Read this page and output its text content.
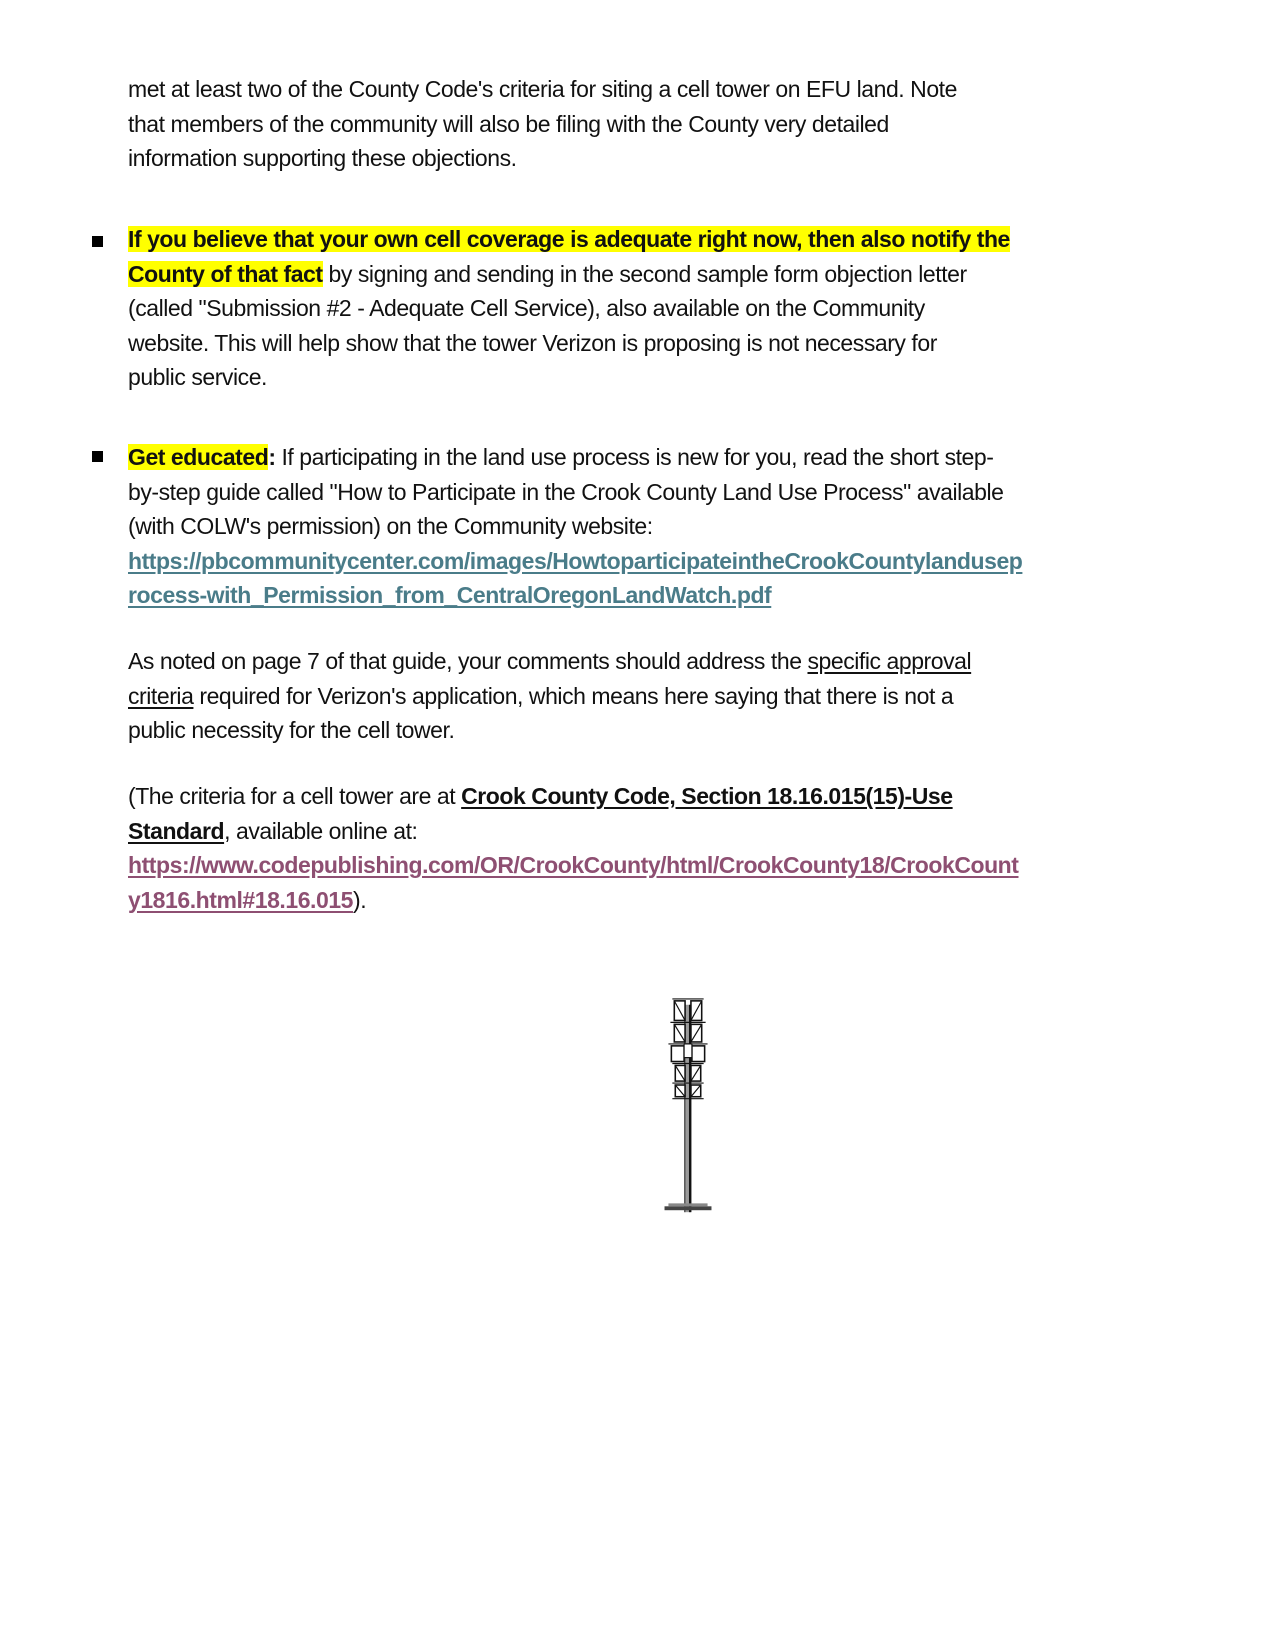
met at least two of the County Code's criteria for siting a cell tower on EFU land. Note
that members of the community will also be filing with the County very detailed
information supporting these objections.
If you believe that your own cell coverage is adequate right now, then also notify the
County of that fact by signing and sending in the second sample form objection letter
(called "Submission #2 - Adequate Cell Service), also available on the Community
website. This will help show that the tower Verizon is proposing is not necessary for
public service.
Get educated: If participating in the land use process is new for you, read the short step-
by-step guide called "How to Participate in the Crook County Land Use Process" available
(with COLW's permission) on the Community website:
https://pbcommunitycenter.com/images/HowtoparticipateintheCrookCountylandusep
rocess-with_Permission_from_CentralOregonLandWatch.pdf
As noted on page 7 of that guide, your comments should address the specific approval
criteria required for Verizon's application, which means here saying that there is not a
public necessity for the cell tower.
(The criteria for a cell tower are at Crook County Code, Section 18.16.015(15)-Use
Standard, available online at:
https://www.codepublishing.com/OR/CrookCounty/html/CrookCounty18/CrookCount
y1816.html#18.16.015).
